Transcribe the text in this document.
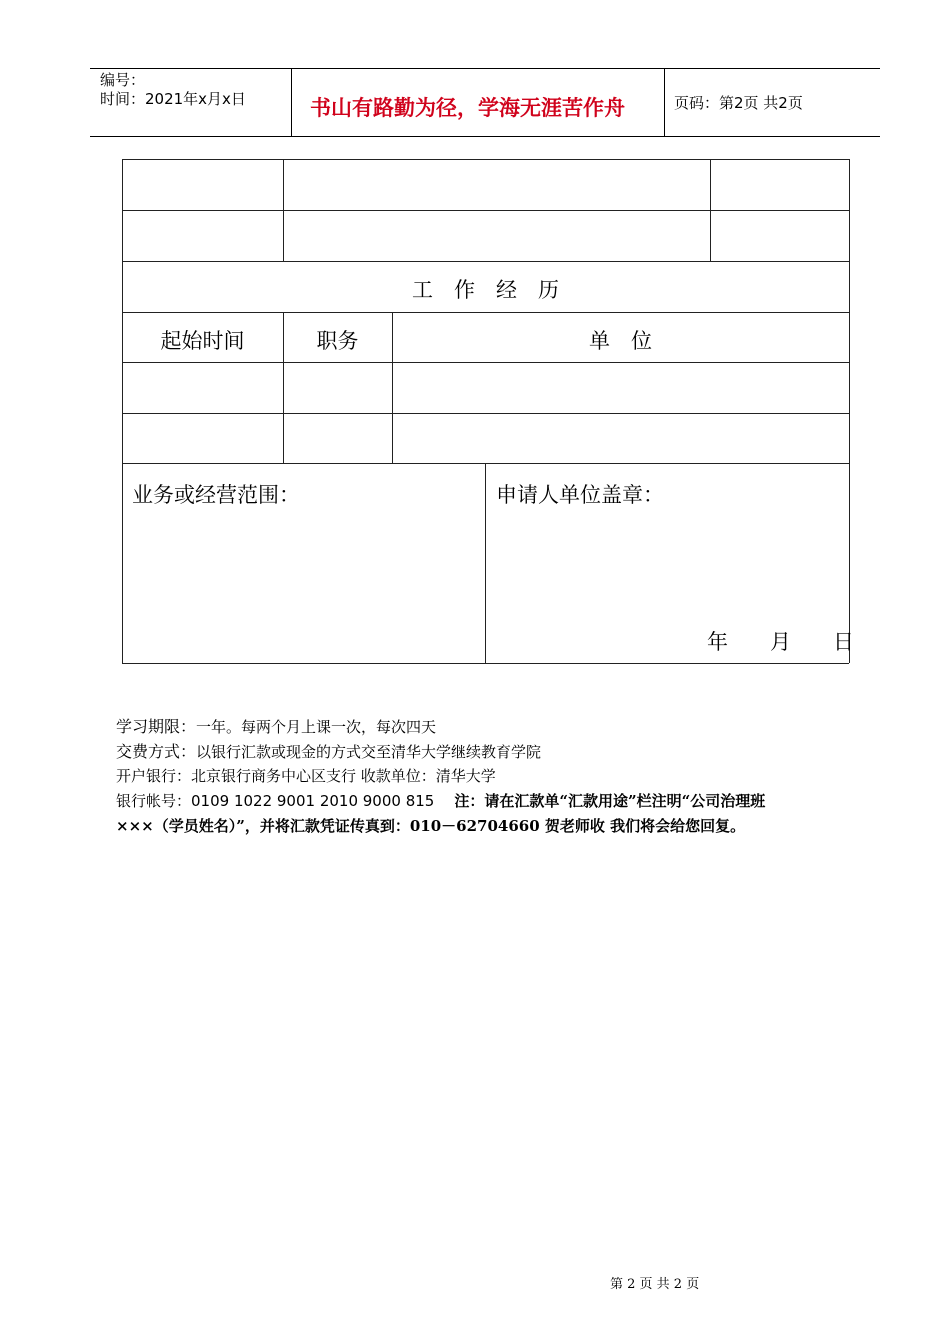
编号：
时间：2021年x月x日	书山有路勤为径，学海无涯苦作舟	页码：第2页 共2页
工　作　经　历
起始时间	职务	单　位
业务或经营范围：	申请人单位盖章：
年　　月　　日
学习期限：一年。每两个月上课一次，每次四天
交费方式：以银行汇款或现金的方式交至清华大学继续教育学院
开户银行：北京银行商务中心区支行 收款单位：清华大学
银行帐号：0109 1022 9001 2010 9000 815 注：请在汇款单“汇款用途”栏注明“公司治理班
×××（学员姓名）”，并将汇款凭证传真到：010－62704660 贺老师收 我们将会给您回复。
第 2 页 共 2 页
